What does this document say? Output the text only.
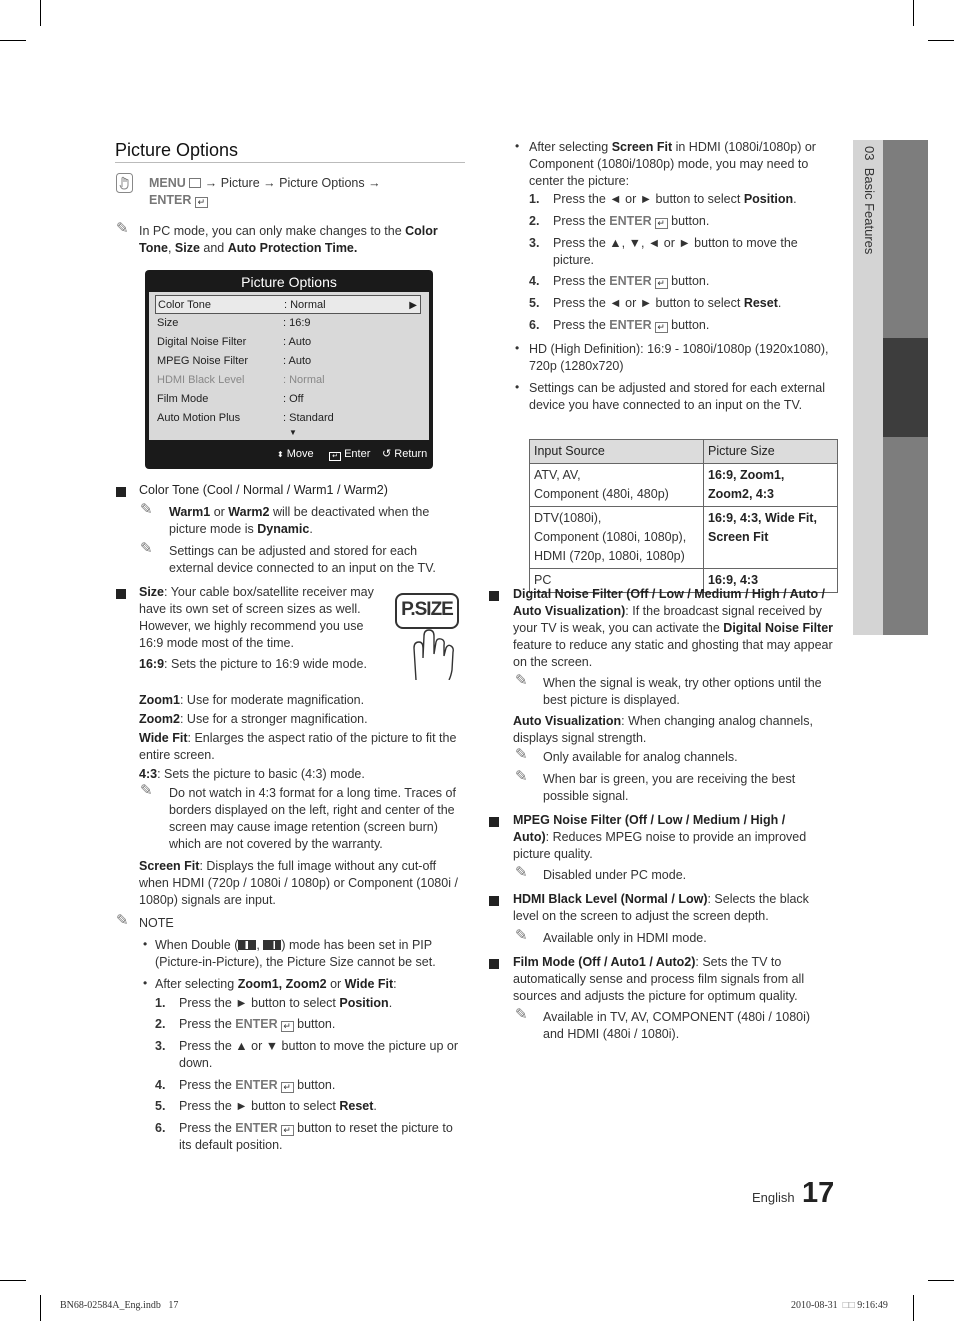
03  Basic Features
Picture Options
MENU → Picture → Picture Options →
ENTER ↵
✎ In PC mode, you can only make changes to the Color Tone, Size and Auto Protection Time.
Picture Options
Color Tone	: Normal	▶
Size	: 16:9
Digital Noise Filter	: Auto
MPEG Noise Filter	: Auto
HDMI Black Level	: Normal
Film Mode	: Off
Auto Motion Plus	: Standard
▼
⬍ Move	↵ Enter ↺ Return
Color Tone (Cool / Normal / Warm1 / Warm2)
✎ Warm1 or Warm2 will be deactivated when the picture mode is Dynamic.
✎ Settings can be adjusted and stored for each external device connected to an input on the TV.
Size: Your cable box/satellite receiver may have its own set of screen sizes as well. However, we highly recommend you use 16:9 mode most of the time.
P.SIZE
16:9: Sets the picture to 16:9 wide mode.
Zoom1: Use for moderate magnification.
Zoom2: Use for a stronger magnification.
Wide Fit: Enlarges the aspect ratio of the picture to fit the entire screen.
4:3: Sets the picture to basic (4:3) mode.
✎ Do not watch in 4:3 format for a long time. Traces of borders displayed on the left, right and center of the screen may cause image retention (screen burn) which are not covered by the warranty.
Screen Fit: Displays the full image without any cut-off when HDMI (720p / 1080i / 1080p) or Component (1080i / 1080p) signals are input.
✎ NOTE
• When Double ( , ) mode has been set in PIP (Picture-in-Picture), the Picture Size cannot be set.
• After selecting Zoom1, Zoom2 or Wide Fit:
1. Press the ► button to select Position.
2. Press the ENTER ↵ button.
3. Press the ▲ or ▼ button to move the picture up or down.
4. Press the ENTER ↵ button.
5. Press the ► button to select Reset.
6. Press the ENTER ↵ button to reset the picture to its default position.
• After selecting Screen Fit in HDMI (1080i/1080p) or Component (1080i/1080p) mode, you may need to center the picture:
1. Press the ◄ or ► button to select Position.
2. Press the ENTER ↵ button.
3. Press the ▲, ▼, ◄ or ► button to move the picture.
4. Press the ENTER ↵ button.
5. Press the ◄ or ► button to select Reset.
6. Press the ENTER ↵ button.
• HD (High Definition): 16:9 - 1080i/1080p (1920x1080), 720p (1280x720)
• Settings can be adjusted and stored for each external device you have connected to an input on the TV.
Input Source	Picture Size
ATV, AV,
Component (480i, 480p)	16:9, Zoom1,
Zoom2, 4:3
DTV(1080i),
Component (1080i, 1080p),
HDMI (720p, 1080i, 1080p)	16:9, 4:3, Wide Fit,
Screen Fit
PC	16:9, 4:3
Digital Noise Filter (Off / Low / Medium / High / Auto / Auto Visualization): If the broadcast signal received by your TV is weak, you can activate the Digital Noise Filter feature to reduce any static and ghosting that may appear on the screen.
✎ When the signal is weak, try other options until the best picture is displayed.
Auto Visualization: When changing analog channels, displays signal strength.
✎ Only available for analog channels.
✎ When bar is green, you are receiving the best possible signal.
MPEG Noise Filter (Off / Low / Medium / High / Auto): Reduces MPEG noise to provide an improved picture quality.
✎ Disabled under PC mode.
HDMI Black Level (Normal / Low): Selects the black level on the screen to adjust the screen depth.
✎ Available only in HDMI mode.
Film Mode (Off / Auto1 / Auto2): Sets the TV to automatically sense and process film signals from all sources and adjusts the picture for optimum quality.
✎ Available in TV, AV, COMPONENT (480i / 1080i) and HDMI (480i / 1080i).
English 17
BN68-02584A_Eng.indb   17	2010-08-31 □□ 9:16:49
